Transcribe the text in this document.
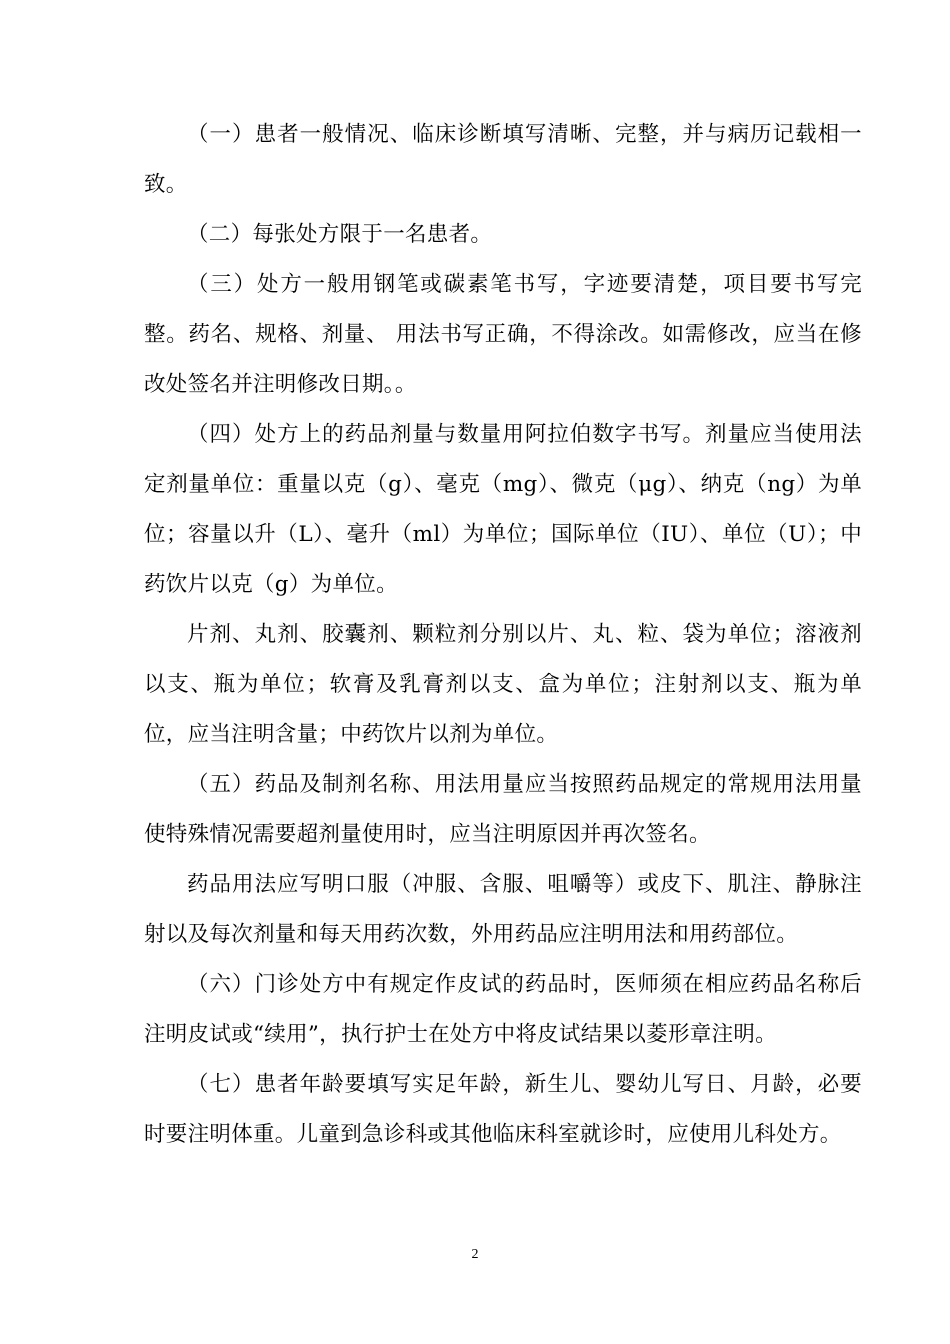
（一）患者一般情况、临床诊断填写清晰、完整，并与病历记载相一致。

（二）每张处方限于一名患者。

（三）处方一般用钢笔或碳素笔书写，字迹要清楚，项目要书写完整。药名、规格、剂量、 用法书写正确，不得涂改。如需修改，应当在修改处签名并注明修改日期。。

（四）处方上的药品剂量与数量用阿拉伯数字书写。剂量应当使用法定剂量单位：重量以克（g）、毫克（mg）、微克（μg）、纳克（ng）为单位；容量以升（L）、毫升（ml）为单位；国际单位（IU）、单位（U）；中药饮片以克（g）为单位。

片剂、丸剂、胶囊剂、颗粒剂分别以片、丸、粒、袋为单位；溶液剂以支、瓶为单位；软膏及乳膏剂以支、盒为单位；注射剂以支、瓶为单位，应当注明含量；中药饮片以剂为单位。

（五）药品及制剂名称、用法用量应当按照药品规定的常规用法用量使特殊情况需要超剂量使用时，应当注明原因并再次签名。

药品用法应写明口服（冲服、含服、咀嚼等）或皮下、肌注、静脉注射以及每次剂量和每天用药次数，外用药品应注明用法和用药部位。

（六）门诊处方中有规定作皮试的药品时，医师须在相应药品名称后注明皮试或“续用”，执行护士在处方中将皮试结果以菱形章注明。

（七）患者年龄要填写实足年龄，新生儿、婴幼儿写日、月龄，必要时要注明体重。儿童到急诊科或其他临床科室就诊时，应使用儿科处方。

2
